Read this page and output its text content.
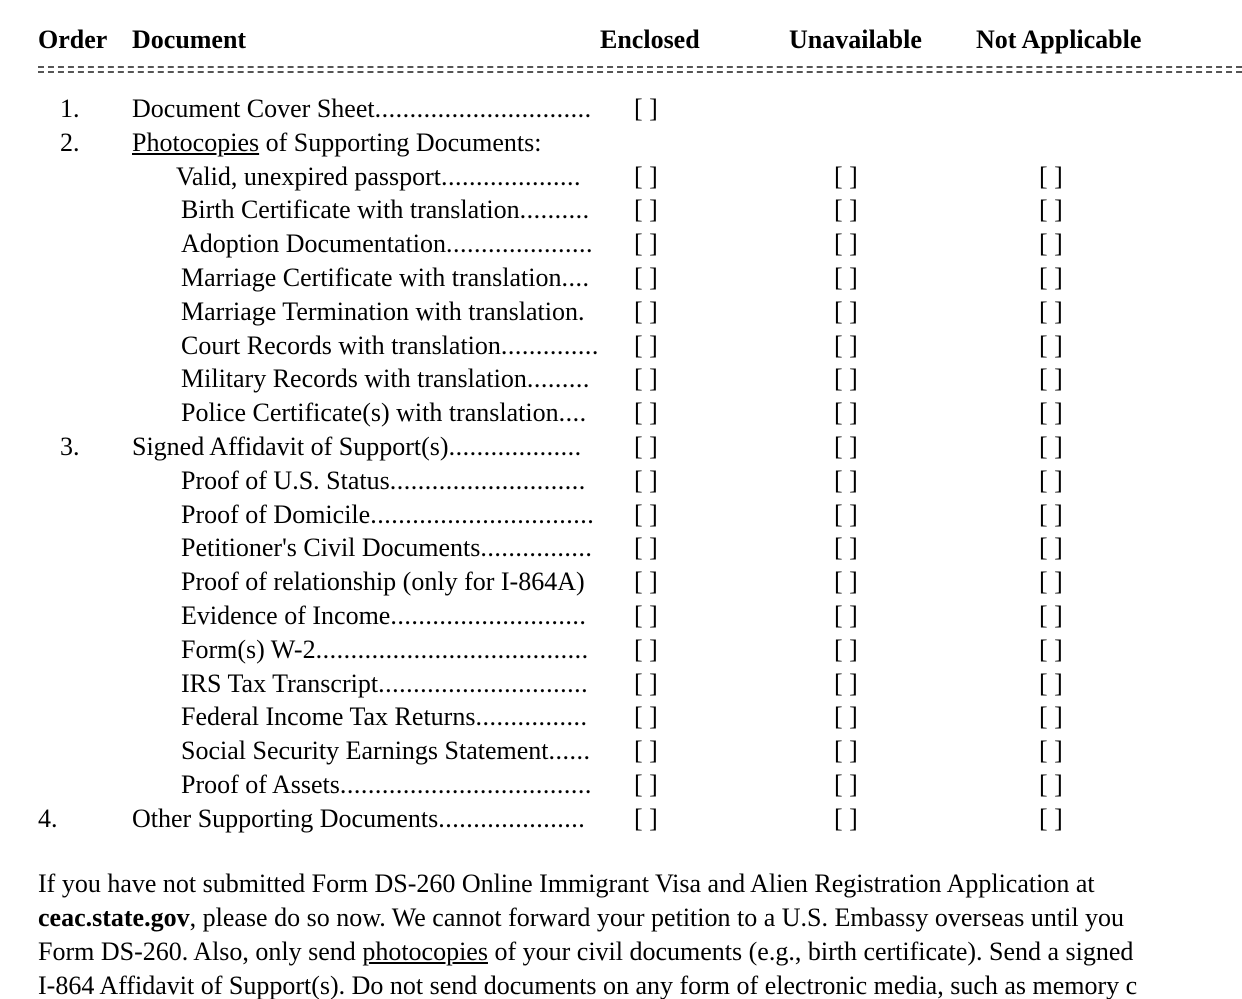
Order Document	Enclosed	Unavailable Not Applicable
1. Document Cover Sheet...............................	[ ]
2. Photocopies of Supporting Documents:
Valid, unexpired passport....................	[ ]	[ ]	[ ]
Birth Certificate with translation..........	[ ]	[ ]	[ ]
Adoption Documentation.....................	[ ]	[ ]	[ ]
Marriage Certificate with translation....	[ ]	[ ]	[ ]
Marriage Termination with translation.	[ ]	[ ]	[ ]
Court Records with translation..............	[ ]	[ ]	[ ]
Military Records with translation.........	[ ]	[ ]	[ ]
Police Certificate(s) with translation....	[ ]	[ ]	[ ]
3. Signed Affidavit of Support(s)...................	[ ]	[ ]	[ ]
Proof of U.S. Status............................	[ ]	[ ]	[ ]
Proof of Domicile................................	[ ]	[ ]	[ ]
Petitioner's Civil Documents................	[ ]	[ ]	[ ]
Proof of relationship (only for I-864A)	[ ]	[ ]	[ ]
Evidence of Income............................	[ ]	[ ]	[ ]
Form(s) W-2.......................................	[ ]	[ ]	[ ]
IRS Tax Transcript..............................	[ ]	[ ]	[ ]
Federal Income Tax Returns................	[ ]	[ ]	[ ]
Social Security Earnings Statement......	[ ]	[ ]	[ ]
Proof of Assets....................................	[ ]	[ ]	[ ]
4.	Other Supporting Documents.....................	[ ]	[ ]	[ ]
If you have not submitted Form DS-260 Online Immigrant Visa and Alien Registration Application at
ceac.state.gov, please do so now. We cannot forward your petition to a U.S. Embassy overseas until you
Form DS-260. Also, only send photocopies of your civil documents (e.g., birth certificate). Send a signed
I-864 Affidavit of Support(s). Do not send documents on any form of electronic media, such as memory c
